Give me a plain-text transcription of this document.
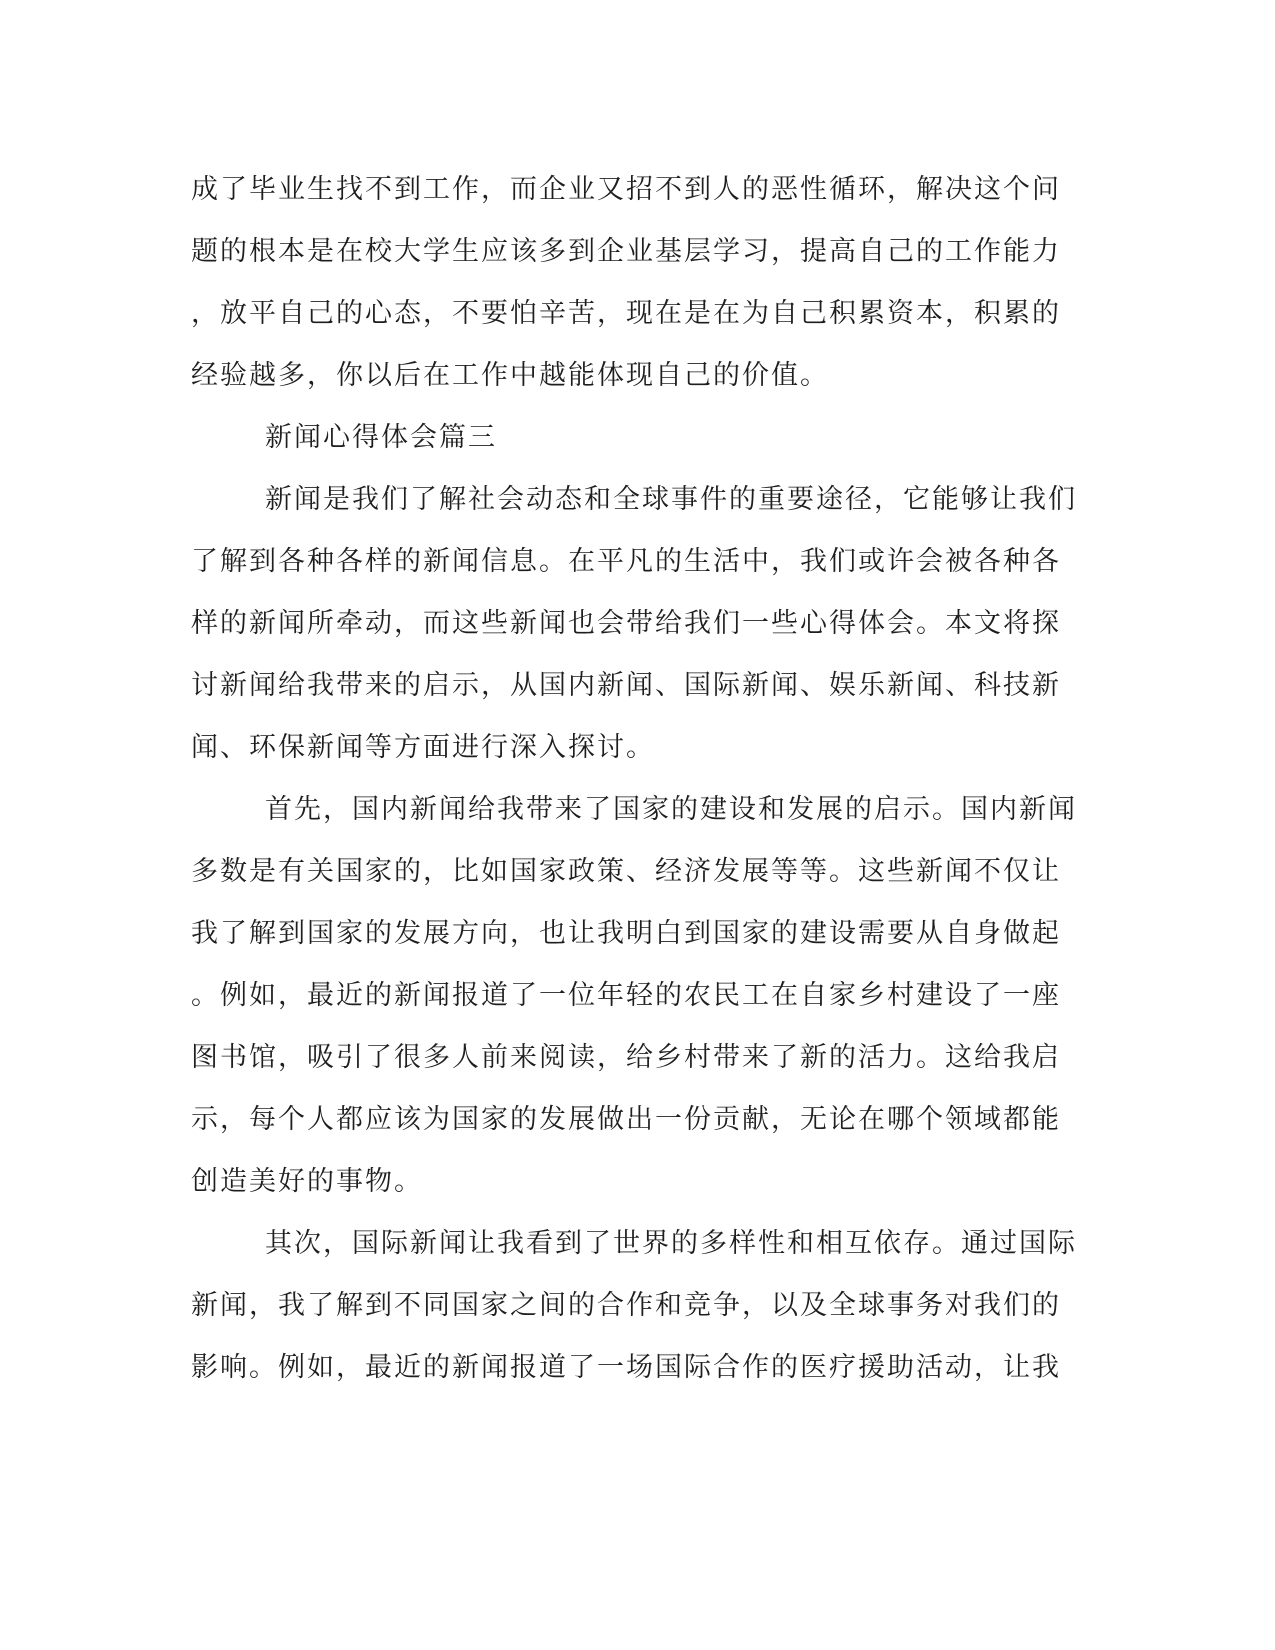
成了毕业生找不到工作，而企业又招不到人的恶性循环，解决这个问
题的根本是在校大学生应该多到企业基层学习，提高自己的工作能力
，放平自己的心态，不要怕辛苦，现在是在为自己积累资本，积累的
经验越多，你以后在工作中越能体现自己的价值。
新闻心得体会篇三
新闻是我们了解社会动态和全球事件的重要途径，它能够让我们
了解到各种各样的新闻信息。在平凡的生活中，我们或许会被各种各
样的新闻所牵动，而这些新闻也会带给我们一些心得体会。本文将探
讨新闻给我带来的启示，从国内新闻、国际新闻、娱乐新闻、科技新
闻、环保新闻等方面进行深入探讨。
首先，国内新闻给我带来了国家的建设和发展的启示。国内新闻
多数是有关国家的，比如国家政策、经济发展等等。这些新闻不仅让
我了解到国家的发展方向，也让我明白到国家的建设需要从自身做起
。例如，最近的新闻报道了一位年轻的农民工在自家乡村建设了一座
图书馆，吸引了很多人前来阅读，给乡村带来了新的活力。这给我启
示，每个人都应该为国家的发展做出一份贡献，无论在哪个领域都能
创造美好的事物。
其次，国际新闻让我看到了世界的多样性和相互依存。通过国际
新闻，我了解到不同国家之间的合作和竞争，以及全球事务对我们的
影响。例如，最近的新闻报道了一场国际合作的医疗援助活动，让我
